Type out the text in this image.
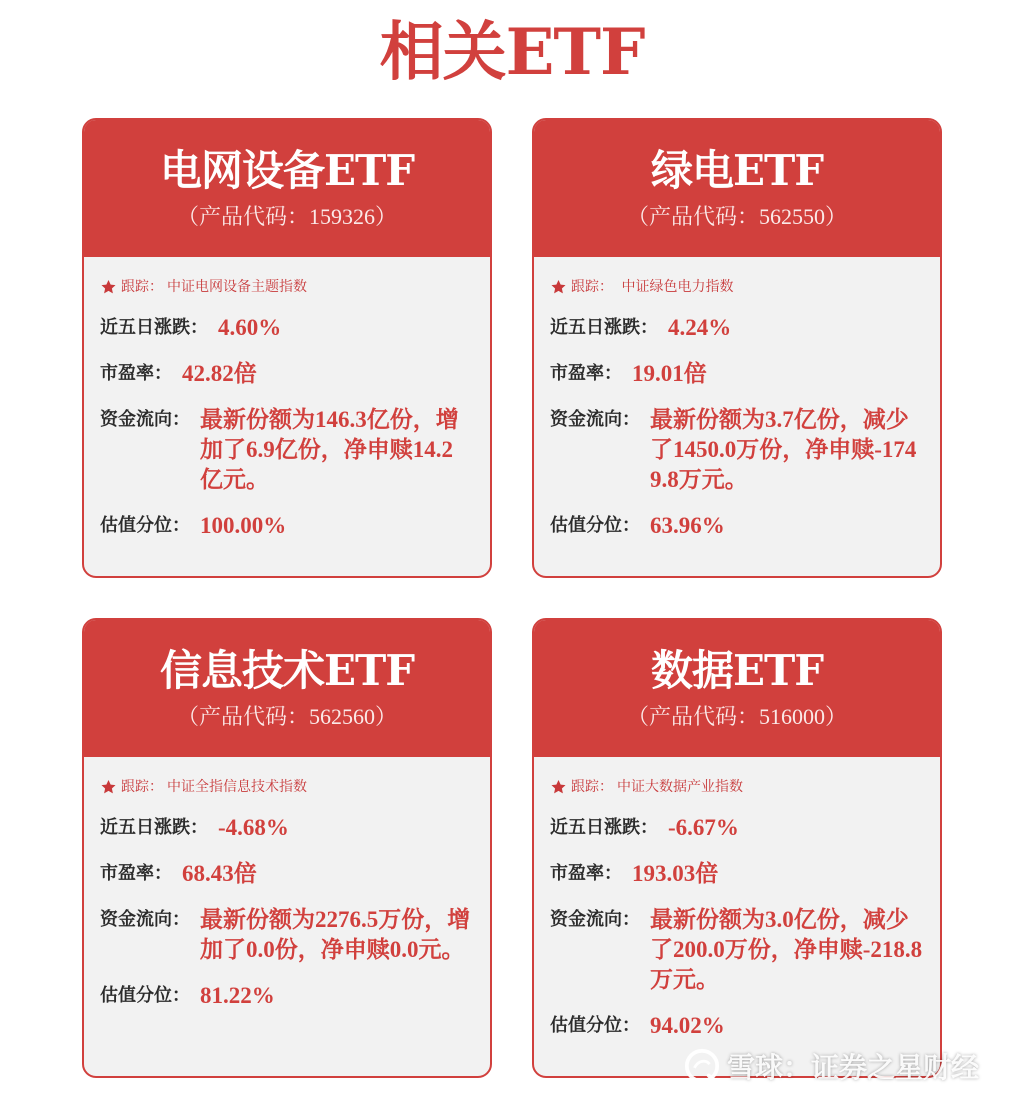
相关ETF
电网设备ETF
（产品代码：159326）
跟踪： 中证电网设备主题指数
近五日涨跌： 4.60%
市盈率： 42.82倍
资金流向： 最新份额为146.3亿份，增加了6.9亿份，净申赎14.2亿元。
估值分位： 100.00%
绿电ETF
（产品代码：562550）
跟踪： 中证绿色电力指数
近五日涨跌： 4.24%
市盈率： 19.01倍
资金流向： 最新份额为3.7亿份，减少了1450.0万份，净申赎-1749.8万元。
估值分位： 63.96%
信息技术ETF
（产品代码：562560）
跟踪： 中证全指信息技术指数
近五日涨跌： -4.68%
市盈率： 68.43倍
资金流向： 最新份额为2276.5万份，增加了0.0份，净申赎0.0元。
估值分位： 81.22%
数据ETF
（产品代码：516000）
跟踪： 中证大数据产业指数
近五日涨跌： -6.67%
市盈率： 193.03倍
资金流向： 最新份额为3.0亿份，减少了200.0万份，净申赎-218.8万元。
估值分位： 94.02%
雪球：证券之星财经
